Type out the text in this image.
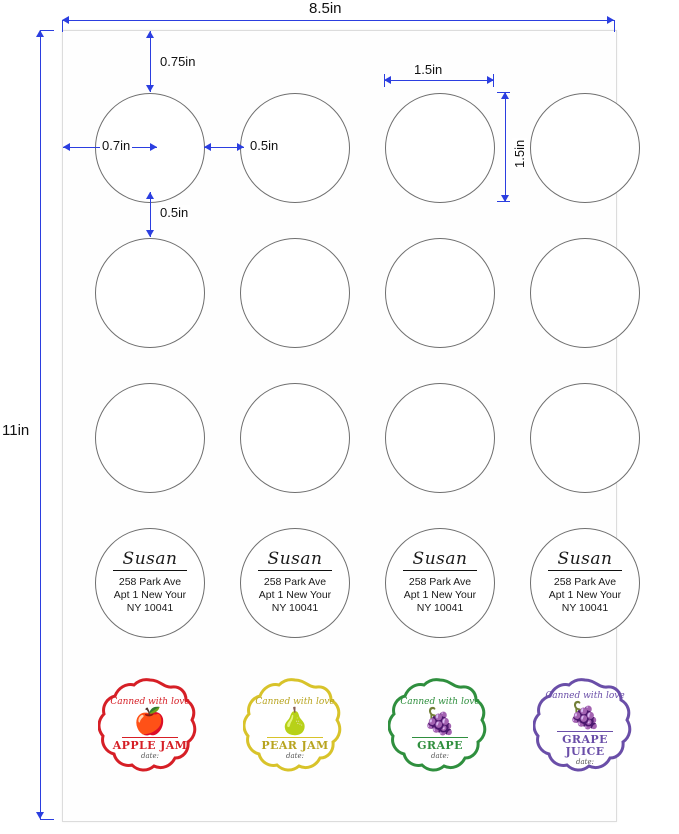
Susan
258 Park Ave
Apt 1 New Your
NY 10041
Susan
258 Park Ave
Apt 1 New Your
NY 10041
Susan
258 Park Ave
Apt 1 New Your
NY 10041
Susan
258 Park Ave
Apt 1 New Your
NY 10041
Canned with love
🍎
APPLE JAM
date:
Canned with love
🍐
PEAR JAM
date:
Canned with love
🍇
GRAPE
date:
Canned with love
🍇
GRAPE JUICE
date:
8.5in
11in
0.75in
0.7in	0.5in
0.5in
1.5in
1.5in
